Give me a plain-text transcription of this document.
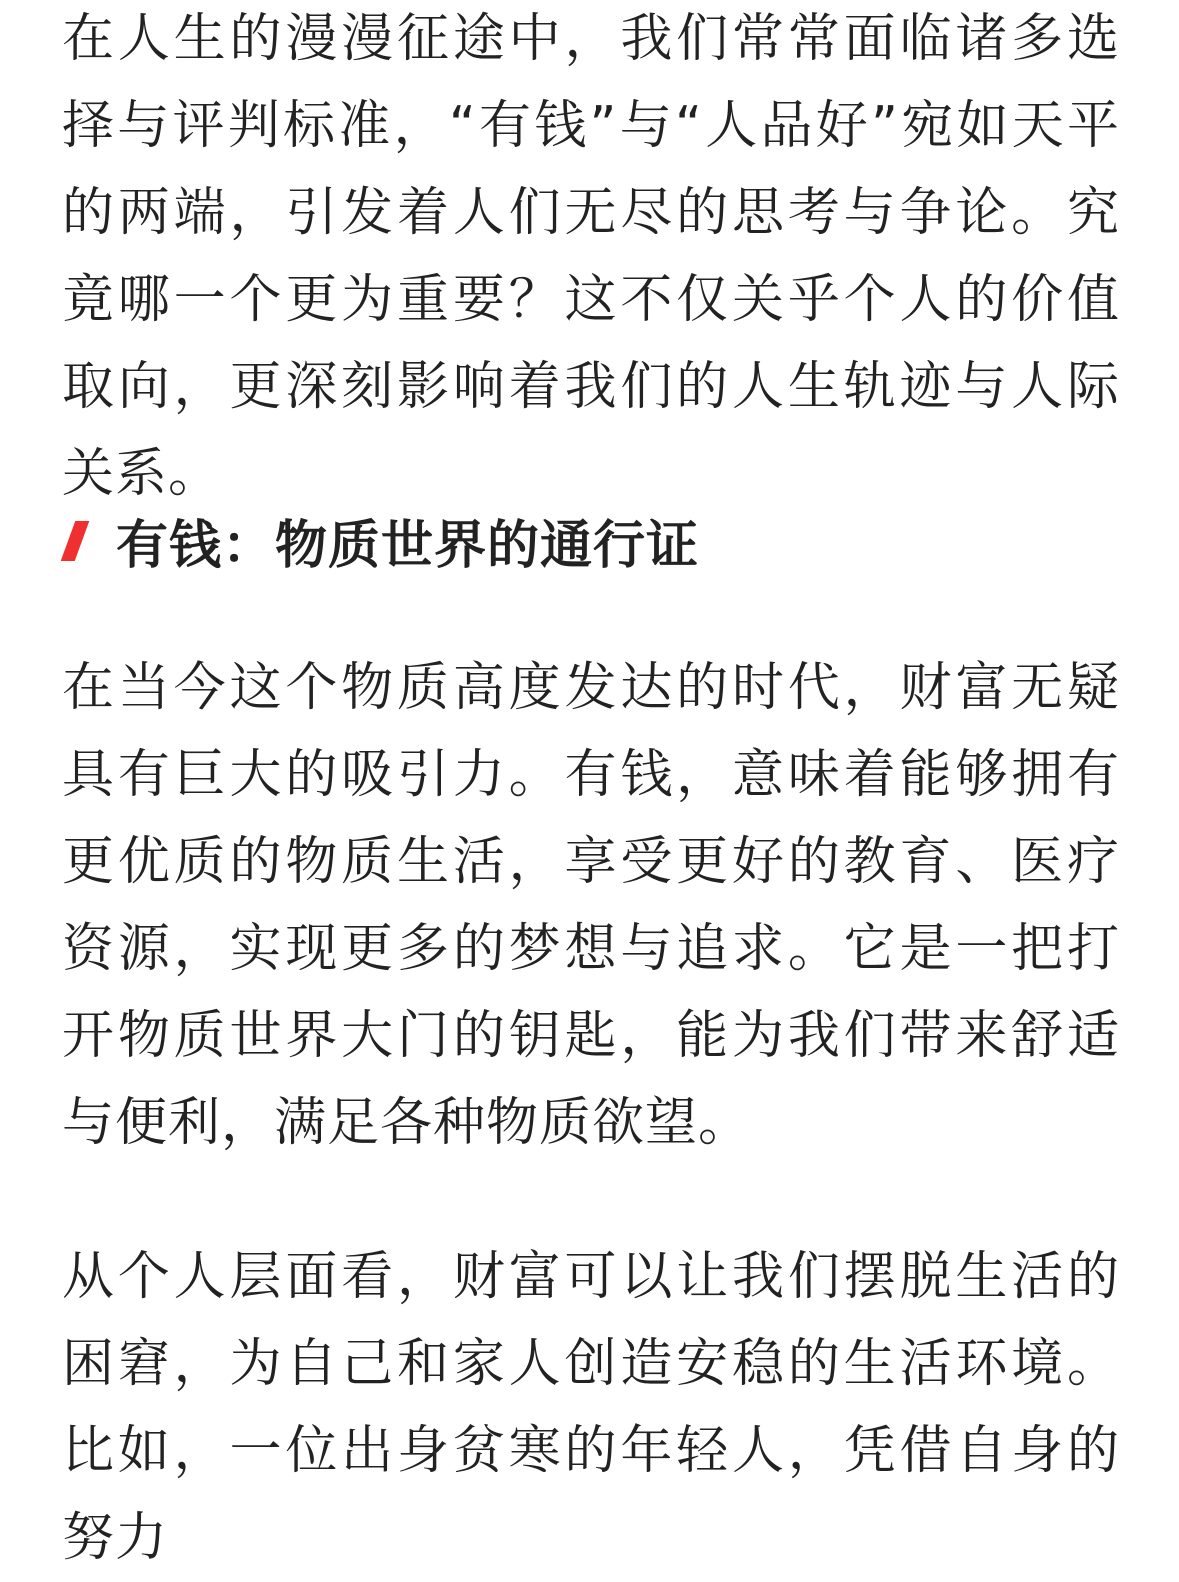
在人生的漫漫征途中，我们常常面临诸多选择与评判标准，“有钱”与“人品好”宛如天平的两端，引发着人们无尽的思考与争论。究竟哪一个更为重要？这不仅关乎个人的价值取向，更深刻影响着我们的人生轨迹与人际关系。

有钱：物质世界的通行证

在当今这个物质高度发达的时代，财富无疑具有巨大的吸引力。有钱，意味着能够拥有更优质的物质生活，享受更好的教育、医疗资源，实现更多的梦想与追求。它是一把打开物质世界大门的钥匙，能为我们带来舒适与便利，满足各种物质欲望。

从个人层面看，财富可以让我们摆脱生活的困窘，为自己和家人创造安稳的生活环境。比如，一位出身贫寒的年轻人，凭借自身的努力
